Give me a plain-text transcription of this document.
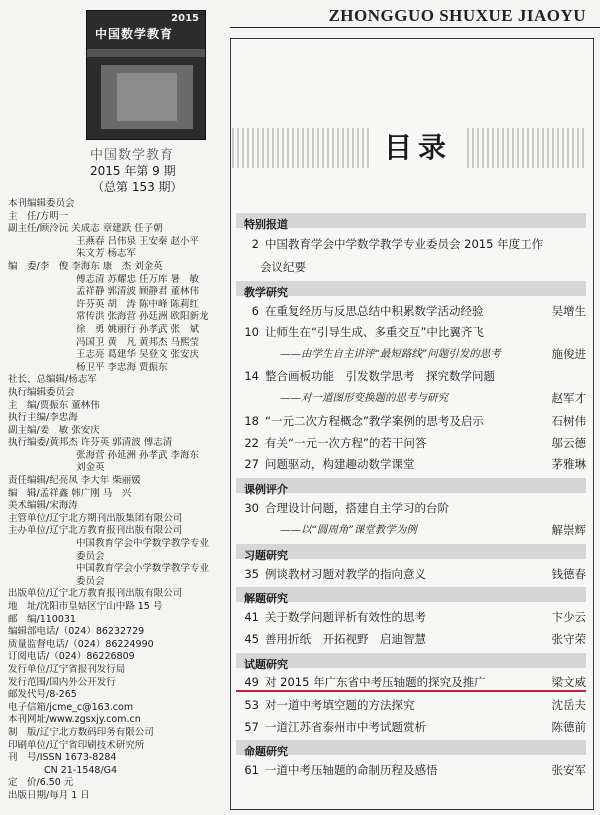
ZHONGGUO SHUXUE JIAOYU
2015
中国数学教育
中国数学教育
2015 年第 9 期
（总第 153 期）
本刊编辑委员会
主　任/方明一
副主任/顾泠沅 关成志 章建跃 任子朝
王燕春 吕伟泉 王安秦 赵小平
朱文芳 杨志军
编　委/李　俊 李海东 康　杰 刘金英
傅志清 苏耀忠 任万库 暑　敏
孟祥静 郭清波 顾静君 董林伟
许芬英 胡　涛 陈中峰 陈莉红
常传洪 张海营 孙廷洲 欧阳新龙
徐　勇 姚丽行 孙孝武 张　斌
冯国卫 黄　凡 黄邦杰 马熙莹
王志亮 葛建华 吴登文 张安庆
杨卫平 李忠海 贾振东
社长、总编辑/杨志军
执行编辑委员会
主　编/贾振东 董林伟
执行主编/李忠海
副主编/姜　敏 张安庆
执行编委/黄邦杰 许芬英 郭清波 傅志清
张海营 孙延洲 孙孝武 李海东
刘金英
责任编辑/纪亮凤 李大年 柴丽媛
编　辑/孟祥鑫 韩广刚 马　兴
美术编辑/宋海涛
主管单位/辽宁北方期刊出版集团有限公司
主办单位/辽宁北方教育报刊出版有限公司
中国教育学会中学数学教学专业
委员会
中国教育学会小学数学教学专业
委员会
出版单位/辽宁北方教育报刊出版有限公司
地　址/沈阳市皇姑区宁山中路 15 号
邮　编/110031
编辑部电话/（024）86232729
质量监督电话/（024）86224990
订阅电话/（024）86226809
发行单位/辽宁省报刊发行局
发行范围/国内外公开发行
邮发代号/8-265
电子信箱/jcme_c@163.com
本刊网址/www.zgsxjy.com.cn
制　版/辽宁北方数码印务有限公司
印刷单位/辽宁省印刷技术研究所
刊　号/ISSN 1673-8284
CN 21-1548/G4
定　价/6.50 元
出版日期/每月 1 日
目录
特别报道
2 中国教育学会中学数学教学专业委员会 2015 年度工作
会议纪要
教学研究
6 在重复经历与反思总结中积累数学活动经验	吴增生
10 让师生在“引导生成、多重交互”中比翼齐飞
——由学生自主讲评“最短路线”问题引发的思考	施俊进
14 整合画板功能　引发数学思考　探究数学问题
——对一道图形变换题的思考与研究	赵军才
18 “一元二次方程概念”教学案例的思考及启示	石树伟
22 有关“一元一次方程”的若干问答	邬云德
27 问题驱动，构建趣动数学课堂	茅雅琳
课例评介
30 合理设计问题，搭建自主学习的台阶
——以“圆周角”课堂教学为例	解崇辉
习题研究
35 例谈教材习题对教学的指向意义	钱德春
解题研究
41 关于数学问题评析有效性的思考	卞少云
45 善用折纸　开拓视野　启迪智慧	张守荣
试题研究
49 对 2015 年广东省中考压轴题的探究及推广	梁文威
53 对一道中考填空题的方法探究	沈岳夫
57 一道江苏省泰州市中考试题赏析	陈德前
命题研究
61 一道中考压轴题的命制历程及感悟	张安军
